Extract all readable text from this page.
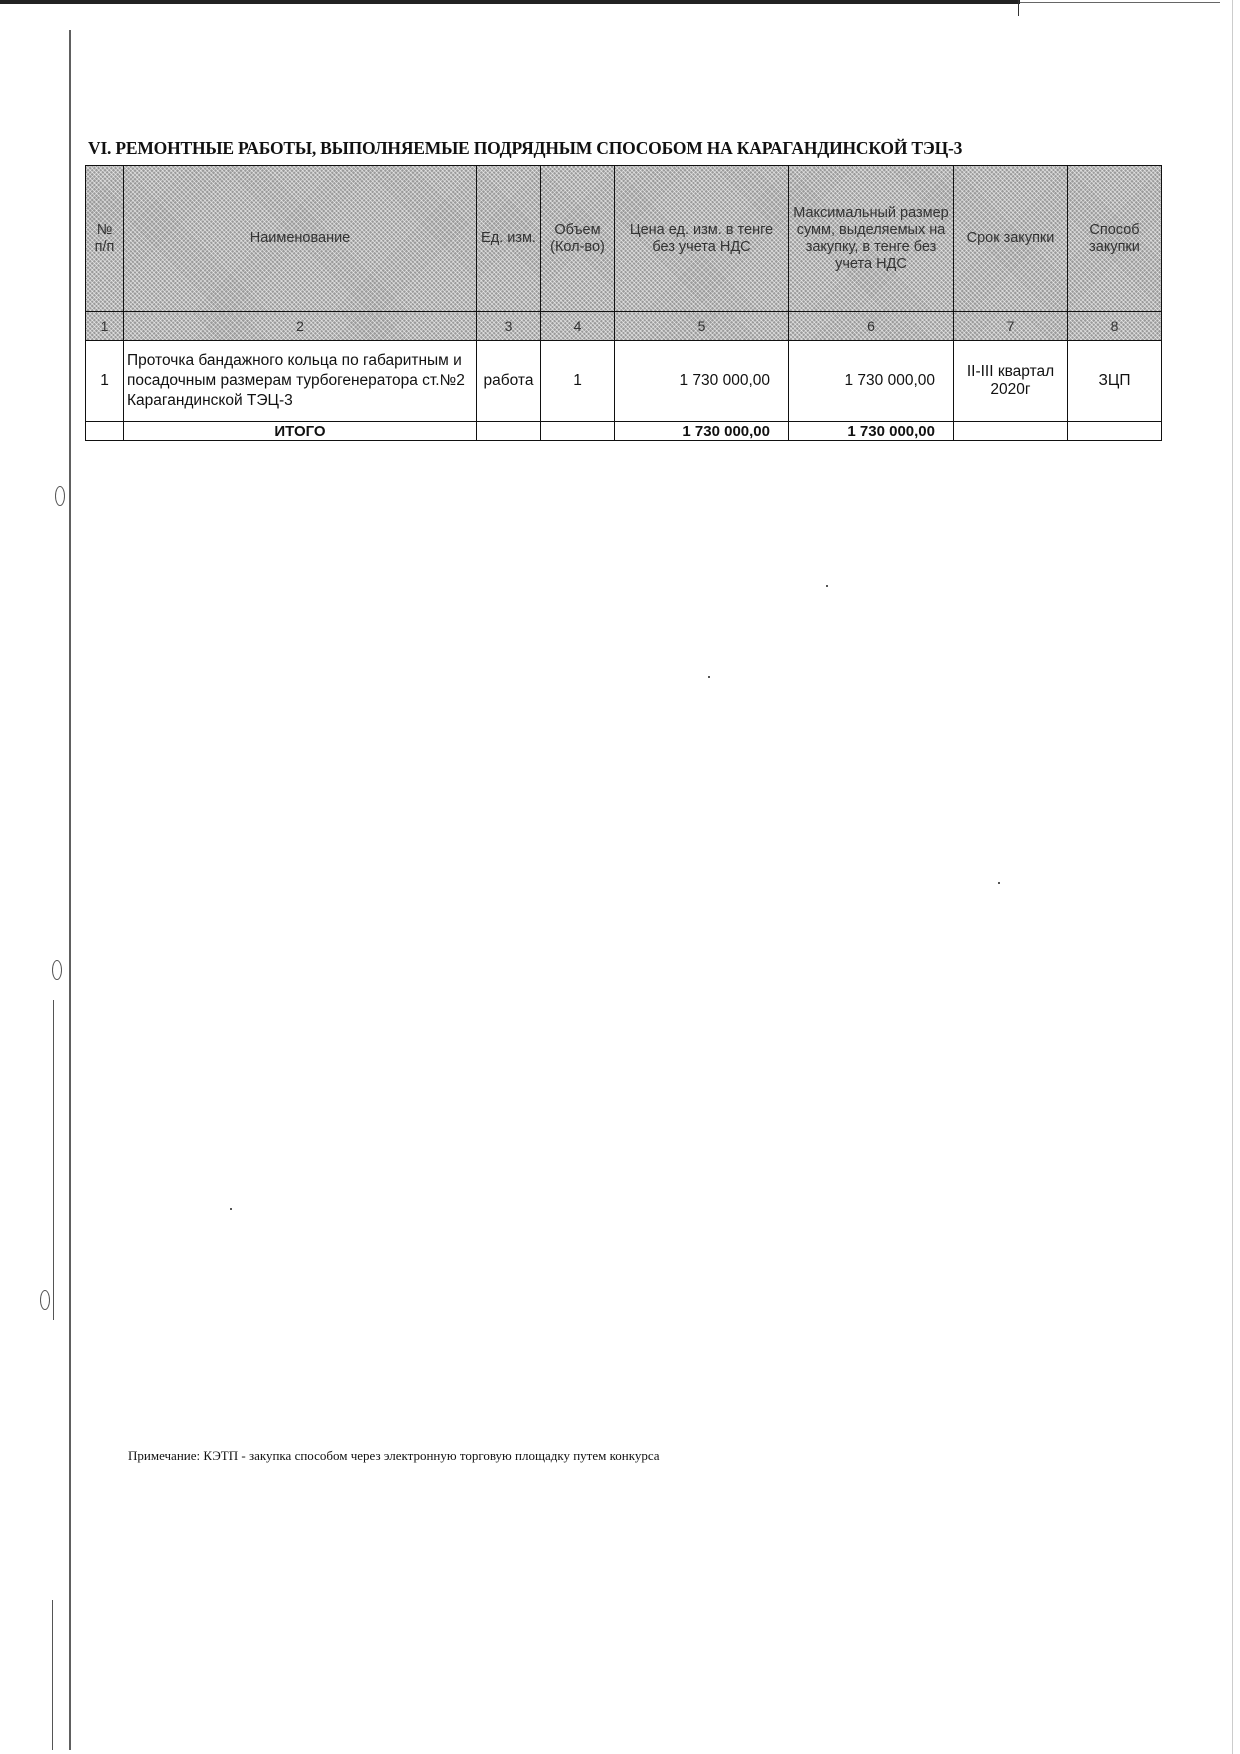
VI. РЕМОНТНЫЕ РАБОТЫ, ВЫПОЛНЯЕМЫЕ ПОДРЯДНЫМ СПОСОБОМ НА КАРАГАНДИНСКОЙ ТЭЦ-3
№ п/п	Наименование	Ед. изм.	Объем (Кол-во)	Цена ед. изм. в тенге без учета НДС	Максимальный размер сумм, выделяемых на закупку, в тенге без учета НДС	Срок закупки	Способ закупки
1	2	3	4	5	6	7	8
1	Проточка бандажного кольца по габаритным и посадочным размерам турбогенератора ст.№2 Карагандинской ТЭЦ-3	работа	1	1 730 000,00	1 730 000,00	II-III квартал 2020г	ЗЦП
	ИТОГО			1 730 000,00	1 730 000,00		
Примечание: КЭТП - закупка способом через электронную торговую площадку путем конкурса
